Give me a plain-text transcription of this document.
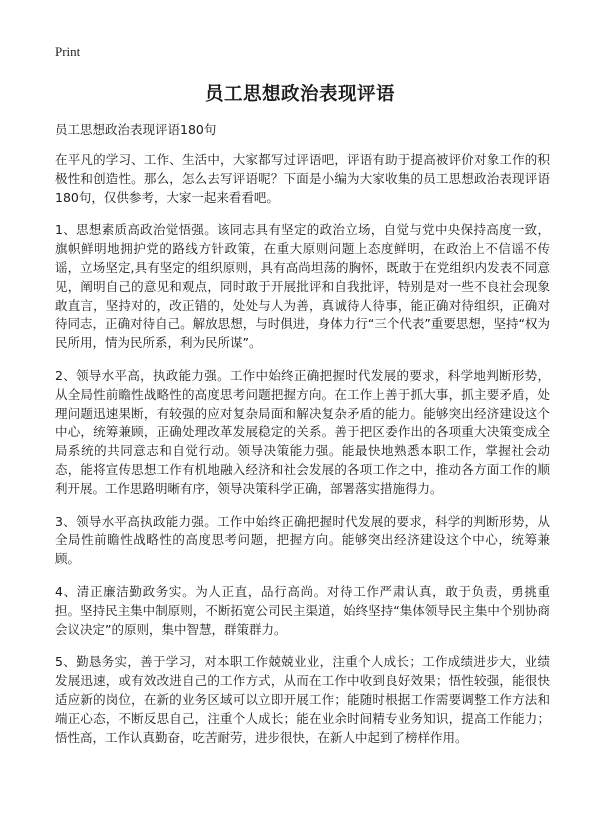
Print
员工思想政治表现评语

员工思想政治表现评语180句

在平凡的学习、工作、生活中，大家都写过评语吧，评语有助于提高被评价对象工作的积极性和创造性。那么，怎么去写评语呢？下面是小编为大家收集的员工思想政治表现评语180句，仅供参考，大家一起来看看吧。

1、思想素质高政治觉悟强。该同志具有坚定的政治立场，自觉与党中央保持高度一致，旗帜鲜明地拥护党的路线方针政策，在重大原则问题上态度鲜明，在政治上不信谣不传谣，立场坚定,具有坚定的组织原则，具有高尚坦荡的胸怀，既敢于在党组织内发表不同意见，阐明自己的意见和观点，同时敢于开展批评和自我批评，特别是对一些不良社会现象敢直言，坚持对的，改正错的，处处与人为善，真诚待人待事，能正确对待组织，正确对待同志，正确对待自己。解放思想，与时俱进，身体力行“三个代表”重要思想，坚持“权为民所用，情为民所系，利为民所谋”。

2、领导水平高，执政能力强。工作中始终正确把握时代发展的要求，科学地判断形势，从全局性前瞻性战略性的高度思考问题把握方向。在工作上善于抓大事，抓主要矛盾，处理问题迅速果断，有较强的应对复杂局面和解决复杂矛盾的能力。能够突出经济建设这个中心，统筹兼顾，正确处理改革发展稳定的关系。善于把区委作出的各项重大决策变成全局系统的共同意志和自觉行动。领导决策能力强。能最快地熟悉本职工作，掌握社会动态，能将宣传思想工作有机地融入经济和社会发展的各项工作之中，推动各方面工作的顺利开展。工作思路明晰有序，领导决策科学正确，部署落实措施得力。

3、领导水平高执政能力强。工作中始终正确把握时代发展的要求，科学的判断形势，从全局性前瞻性战略性的高度思考问题，把握方向。能够突出经济建设这个中心，统筹兼顾。

4、清正廉洁勤政务实。为人正直，品行高尚。对待工作严肃认真，敢于负责，勇挑重担。坚持民主集中制原则，不断拓宽公司民主渠道，始终坚持“集体领导民主集中个别协商会议决定”的原则，集中智慧，群策群力。

5、勤恳务实，善于学习，对本职工作兢兢业业，注重个人成长；工作成绩进步大，业绩发展迅速，或有效改进自己的工作方式，从而在工作中收到良好效果；悟性较强，能很快适应新的岗位，在新的业务区域可以立即开展工作；能随时根据工作需要调整工作方法和端正心态，不断反思自己，注重个人成长；能在业余时间精专业务知识，提高工作能力；悟性高，工作认真勤奋，吃苦耐劳，进步很快，在新人中起到了榜样作用。
